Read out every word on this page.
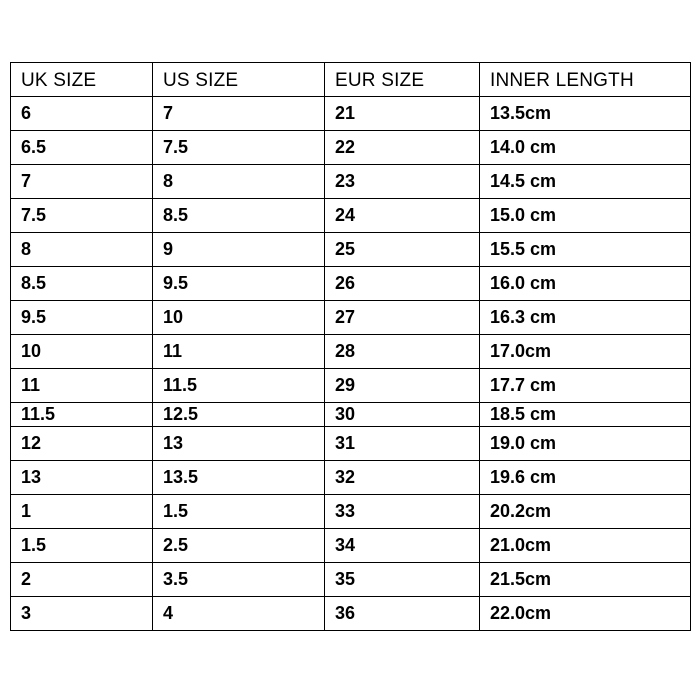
UK SIZE	US SIZE	EUR SIZE	INNER LENGTH
6	7	21	13.5cm
6.5	7.5	22	14.0 cm
7	8	23	14.5 cm
7.5	8.5	24	15.0 cm
8	9	25	15.5 cm
8.5	9.5	26	16.0 cm
9.5	10	27	16.3 cm
10	11	28	17.0cm
11	11.5	29	17.7 cm
11.5	12.5	30	18.5 cm
12	13	31	19.0 cm
13	13.5	32	19.6 cm
1	1.5	33	20.2cm
1.5	2.5	34	21.0cm
2	3.5	35	21.5cm
3	4	36	22.0cm
